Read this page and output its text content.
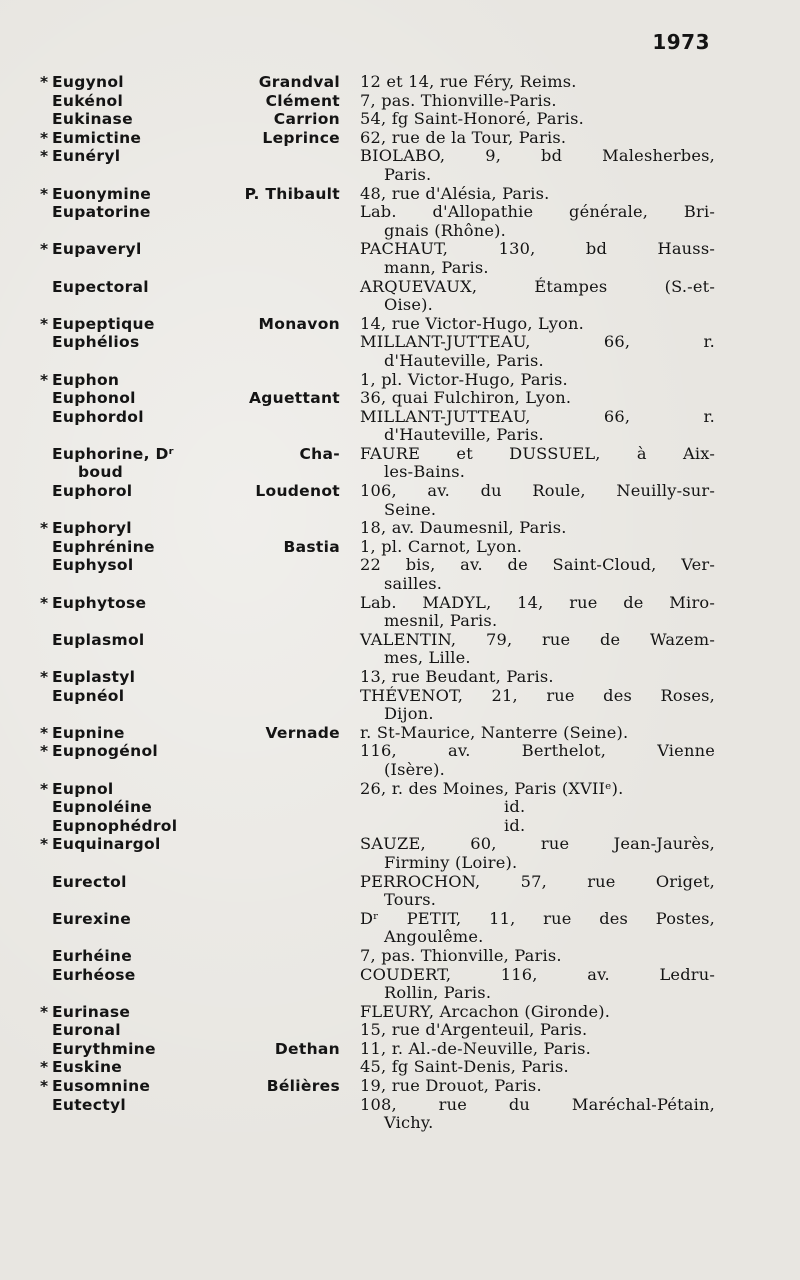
1973
* Eugynol	Grandval 12 et 14, rue Féry, Reims.
Eukénol	Clément 7, pas. Thionville-Paris.
Eukinase	Carrion 54, fg Saint-Honoré, Paris.
* Eumictine	Leprince 62, rue de la Tour, Paris.
* Eunéryl	BIOLABO, 9, bd Malesherbes,
Paris.
* Euonymine	P. Thibault 48, rue d'Alésia, Paris.
Eupatorine	Lab. d'Allopathie générale, Bri-
gnais (Rhône).
* Eupaveryl	PACHAUT, 130, bd Hauss-
mann, Paris.
Eupectoral	ARQUEVAUX, Étampes (S.-et-
Oise).
* Eupeptique	Monavon 14, rue Victor-Hugo, Lyon.
Euphélios	MILLANT-JUTTEAU, 66, r.
d'Hauteville, Paris.
* Euphon	1, pl. Victor-Hugo, Paris.
Euphonol	Aguettant 36, quai Fulchiron, Lyon.
Euphordol	MILLANT-JUTTEAU, 66, r.
d'Hauteville, Paris.
Euphorine, Dʳ	Cha-
boud
FAURE et DUSSUEL, à Aix-
les-Bains.
Euphorol	Loudenot 106, av. du Roule, Neuilly-sur-
Seine.
* Euphoryl	18, av. Daumesnil, Paris.
Euphrénine	Bastia 1, pl. Carnot, Lyon.
Euphysol	22 bis, av. de Saint-Cloud, Ver-
sailles.
* Euphytose	Lab. MADYL, 14, rue de Miro-
mesnil, Paris.
Euplasmol	VALENTIN, 79, rue de Wazem-
mes, Lille.
* Euplastyl	13, rue Beudant, Paris.
Eupnéol	THÉVENOT, 21, rue des Roses,
Dijon.
* Eupnine	Vernade r. St-Maurice, Nanterre (Seine).
* Eupnogénol	116, av. Berthelot, Vienne
(Isère).
* Eupnol	26, r. des Moines, Paris (XVIIᵉ).
Eupnoléine	id.
Eupnophédrol	id.
* Euquinargol	SAUZE, 60, rue Jean-Jaurès,
Firminy (Loire).
Eurectol	PERROCHON, 57, rue Origet,
Tours.
Eurexine	Dʳ PETIT, 11, rue des Postes,
Angoulême.
Eurhéine	7, pas. Thionville, Paris.
Eurhéose	COUDERT, 116, av. Ledru-
Rollin, Paris.
* Eurinase	FLEURY, Arcachon (Gironde).
Euronal	15, rue d'Argenteuil, Paris.
Eurythmine	Dethan 11, r. Al.-de-Neuville, Paris.
* Euskine	45, fg Saint-Denis, Paris.
* Eusomnine	Bélières 19, rue Drouot, Paris.
Eutectyl	108, rue du Maréchal-Pétain,
Vichy.
